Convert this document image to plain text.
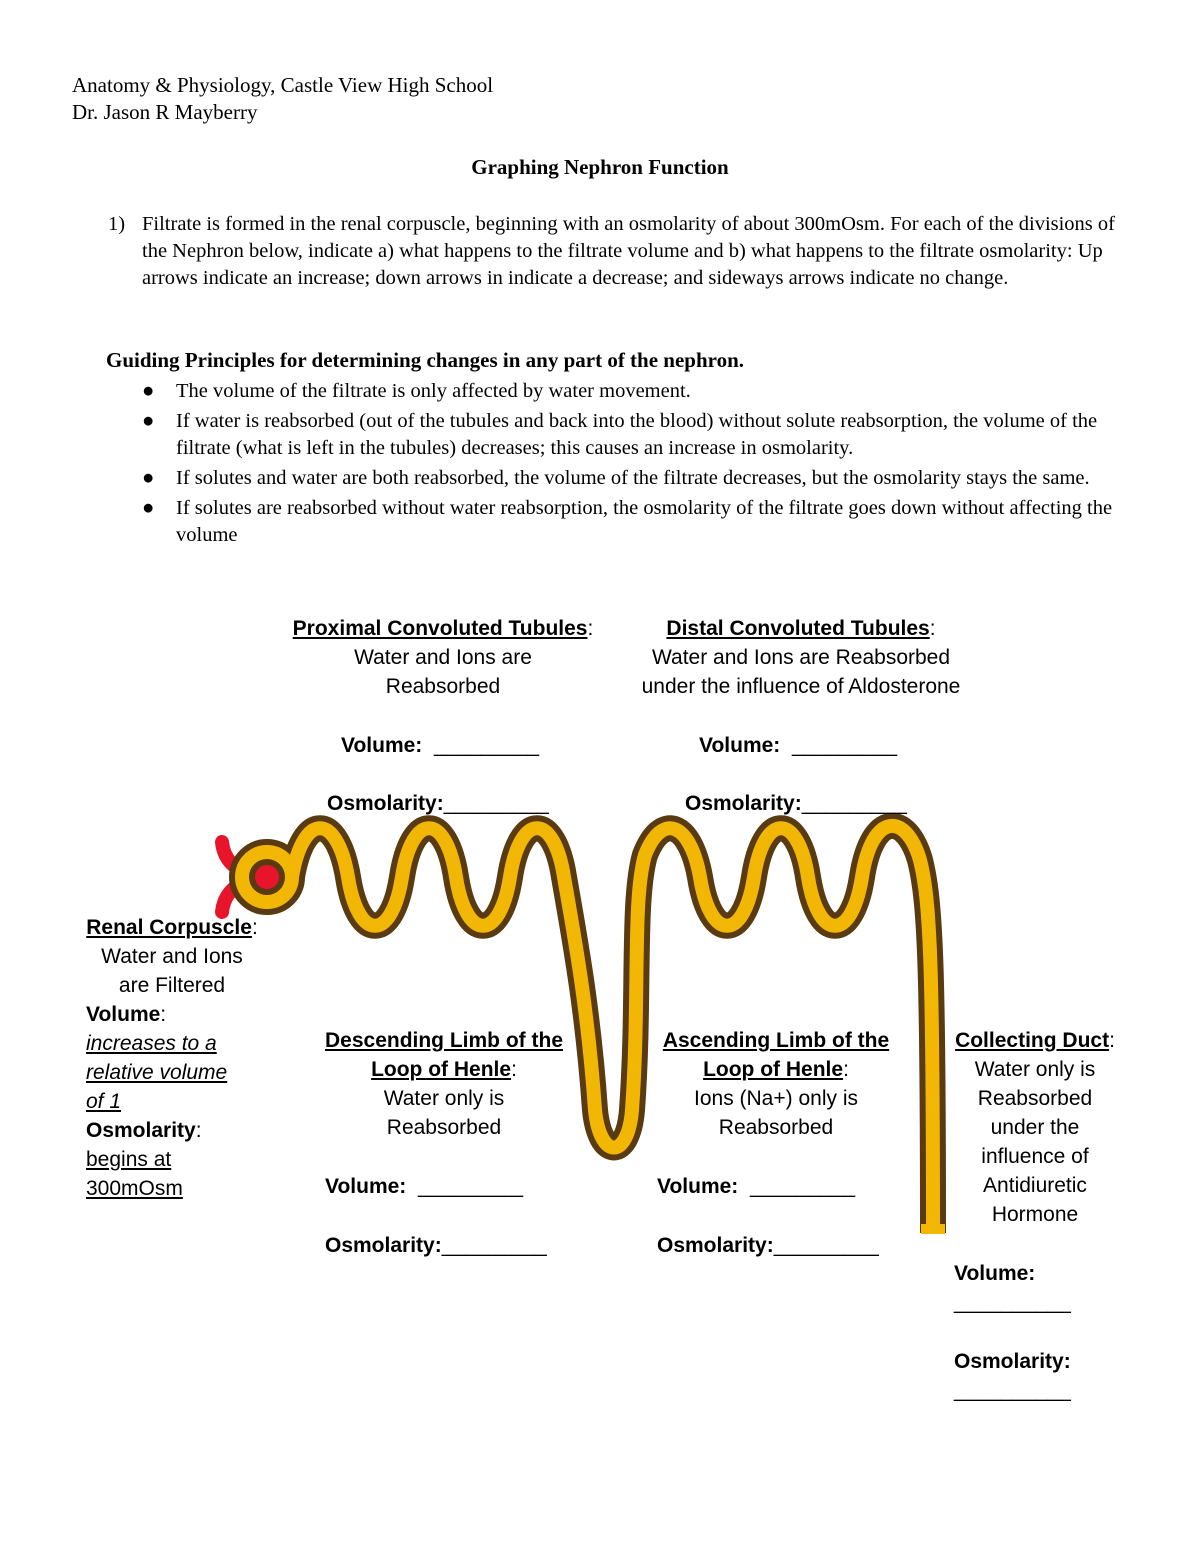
Anatomy & Physiology, Castle View High School
Dr. Jason R Mayberry
Graphing Nephron Function
1) Filtrate is formed in the renal corpuscle, beginning with an osmolarity of about 300mOsm. For each of the divisions of the Nephron below, indicate a) what happens to the filtrate volume and b) what happens to the filtrate osmolarity: Up arrows indicate an increase; down arrows in indicate a decrease; and sideways arrows indicate no change.
Guiding Principles for determining changes in any part of the nephron.
● The volume of the filtrate is only affected by water movement.
● If water is reabsorbed (out of the tubules and back into the blood) without solute reabsorption, the volume of the filtrate (what is left in the tubules) decreases; this causes an increase in osmolarity.
● If solutes and water are both reabsorbed, the volume of the filtrate decreases, but the osmolarity stays the same.
● If solutes are reabsorbed without water reabsorption, the osmolarity of the filtrate goes down without affecting the volume
Proximal Convoluted Tubules:
Water and Ions are
Reabsorbed
Volume: _________
Osmolarity:_________
Distal Convoluted Tubules:
Water and Ions are Reabsorbed
under the influence of Aldosterone
Volume: _________
Osmolarity:_________
Renal Corpuscle:
Water and Ions
are Filtered
Volume:
increases to a
relative volume
of 1
Osmolarity:
begins at
300mOsm
Descending Limb of the
Loop of Henle:
Water only is
Reabsorbed
Volume: _________
Osmolarity:_________
Ascending Limb of the
Loop of Henle:
Ions (Na+) only is
Reabsorbed
Volume: _________
Osmolarity:_________
Collecting Duct:
Water only is
Reabsorbed
under the
influence of
Antidiuretic
Hormone
Volume:
__________
Osmolarity:
__________
